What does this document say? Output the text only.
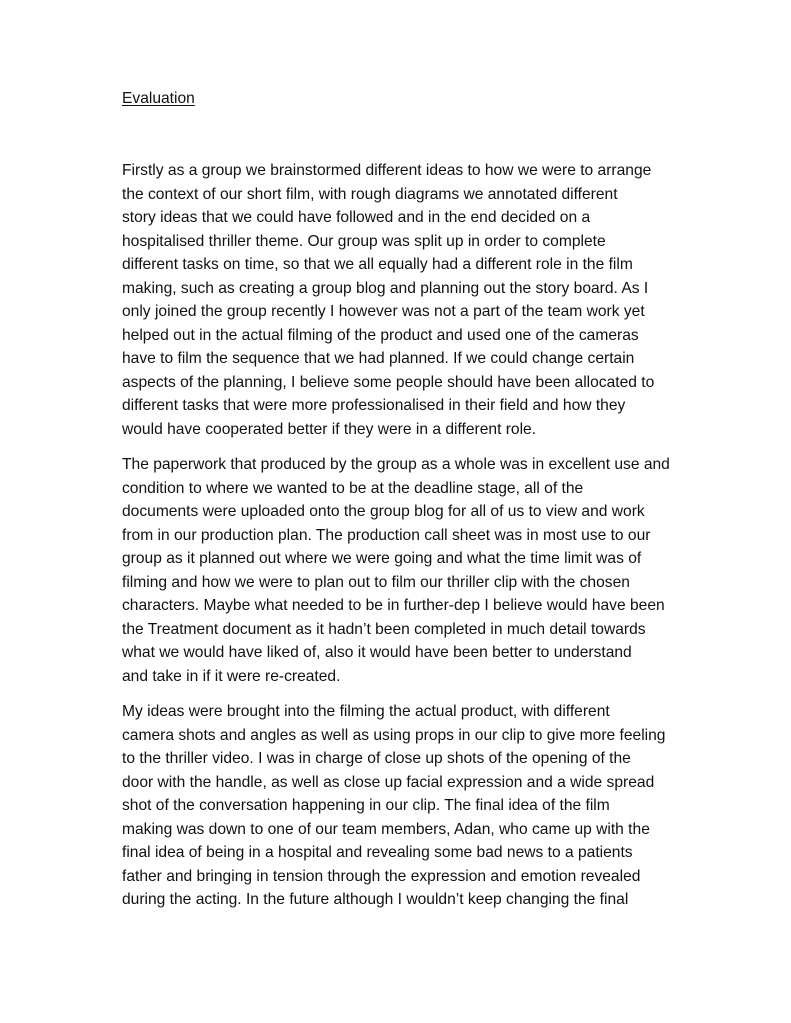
Evaluation

Firstly as a group we brainstormed different ideas to how we were to arrange
the context of our short film, with rough diagrams we annotated different
story ideas that we could have followed and in the end decided on a
hospitalised thriller theme. Our group was split up in order to complete
different tasks on time, so that we all equally had a different role in the film
making, such as creating a group blog and planning out the story board. As I
only joined the group recently I however was not a part of the team work yet
helped out in the actual filming of the product and used one of the cameras
have to film the sequence that we had planned. If we could change certain
aspects of the planning, I believe some people should have been allocated to
different tasks that were more professionalised in their field and how they
would have cooperated better if they were in a different role.

The paperwork that produced by the group as a whole was in excellent use and
condition to where we wanted to be at the deadline stage, all of the
documents were uploaded onto the group blog for all of us to view and work
from in our production plan. The production call sheet was in most use to our
group as it planned out where we were going and what the time limit was of
filming and how we were to plan out to film our thriller clip with the chosen
characters. Maybe what needed to be in further-dep I believe would have been
the Treatment document as it hadn’t been completed in much detail towards
what we would have liked of, also it would have been better to understand
and take in if it were re-created.

My ideas were brought into the filming the actual product, with different
camera shots and angles as well as using props in our clip to give more feeling
to the thriller video. I was in charge of close up shots of the opening of the
door with the handle, as well as close up facial expression and a wide spread
shot of the conversation happening in our clip. The final idea of the film
making was down to one of our team members, Adan, who came up with the
final idea of being in a hospital and revealing some bad news to a patients
father and bringing in tension through the expression and emotion revealed
during the acting. In the future although I wouldn’t keep changing the final
